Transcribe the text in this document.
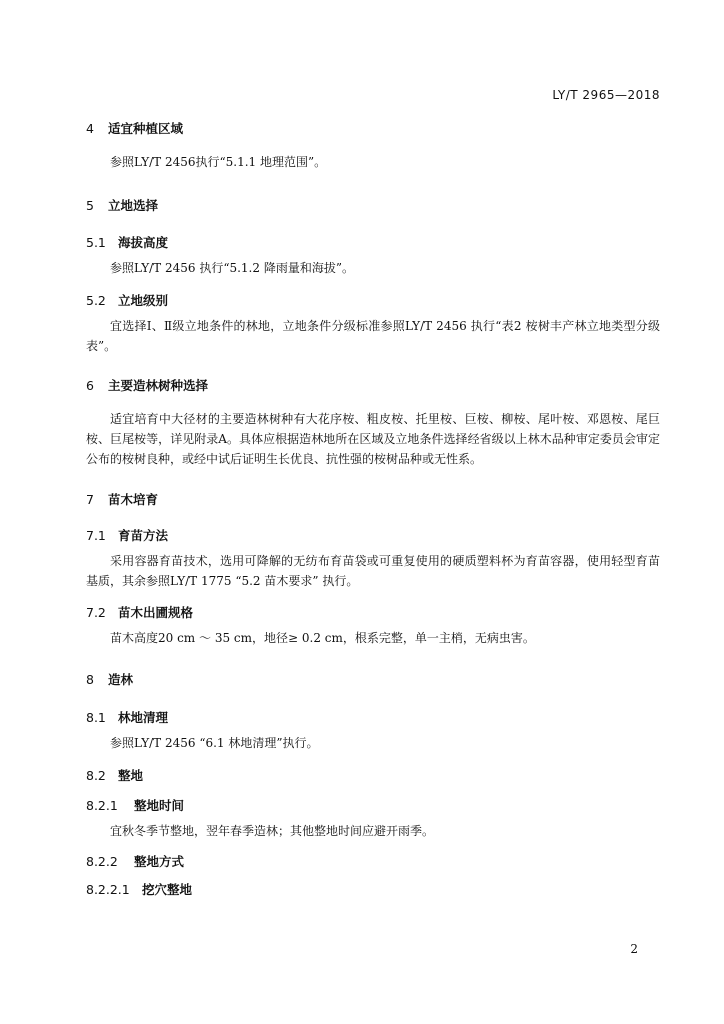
LY/T 2965—2018
4 适宜种植区域
参照LY/T 2456执行“5.1.1 地理范围”。
5 立地选择
5.1 海拔高度
参照LY/T 2456 执行“5.1.2 降雨量和海拔”。
5.2 立地级别
宜选择Ⅰ、Ⅱ级立地条件的林地，立地条件分级标准参照LY/T 2456 执行“表2 桉树丰产林立地类型分级表”。
6 主要造林树种选择
适宜培育中大径材的主要造林树种有大花序桉、粗皮桉、托里桉、巨桉、柳桉、尾叶桉、邓恩桉、尾巨桉、巨尾桉等，详见附录A。具体应根据造林地所在区域及立地条件选择经省级以上林木品种审定委员会审定公布的桉树良种，或经中试后证明生长优良、抗性强的桉树品种或无性系。
7 苗木培育
7.1 育苗方法
采用容器育苗技术，选用可降解的无纺布育苗袋或可重复使用的硬质塑料杯为育苗容器，使用轻型育苗基质，其余参照LY/T 1775 “5.2 苗木要求” 执行。
7.2 苗木出圃规格
苗木高度20 cm ～ 35 cm，地径≥ 0.2 cm，根系完整，单一主梢，无病虫害。
8 造林
8.1 林地清理
参照LY/T 2456 “6.1 林地清理”执行。
8.2 整地
8.2.1 整地时间
宜秋冬季节整地，翌年春季造林；其他整地时间应避开雨季。
8.2.2 整地方式
8.2.2.1 挖穴整地
2
